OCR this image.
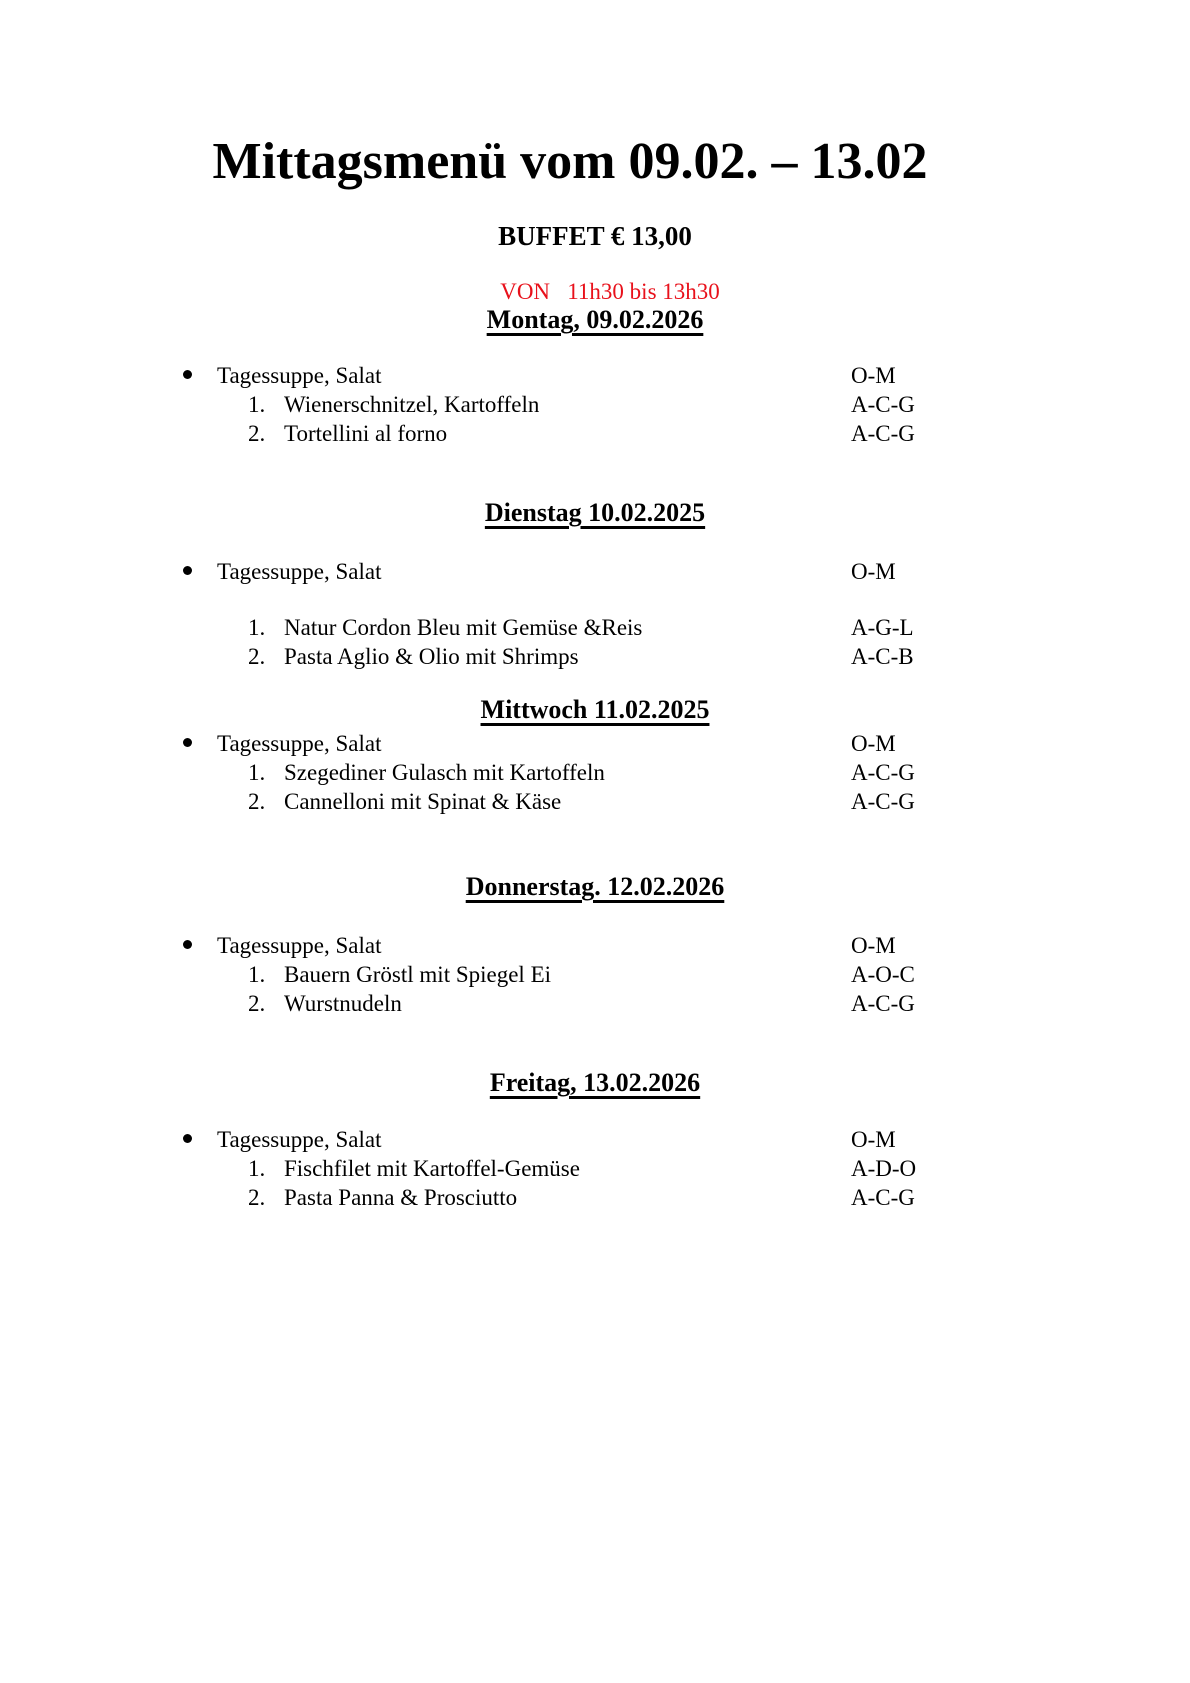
Mittagsmenü vom 09.02. – 13.02
BUFFET € 13,00
VON   11h30 bis 13h30
Montag, 09.02.2026
Tagessuppe, Salat	O-M
1. Wienerschnitzel, Kartoffeln	A-C-G
2. Tortellini al forno	A-C-G
Dienstag 10.02.2025
Tagessuppe, Salat	O-M
1. Natur Cordon Bleu mit Gemüse &Reis	A-G-L
2. Pasta Aglio & Olio mit Shrimps	A-C-B
Mittwoch 11.02.2025
Tagessuppe, Salat	O-M
1. Szegediner Gulasch mit Kartoffeln	A-C-G
2. Cannelloni mit Spinat & Käse	A-C-G
Donnerstag. 12.02.2026
Tagessuppe, Salat	O-M
1. Bauern Gröstl mit Spiegel Ei	A-O-C
2. Wurstnudeln	A-C-G
Freitag, 13.02.2026
Tagessuppe, Salat	O-M
1. Fischfilet mit Kartoffel-Gemüse	A-D-O
2. Pasta Panna & Prosciutto	A-C-G
